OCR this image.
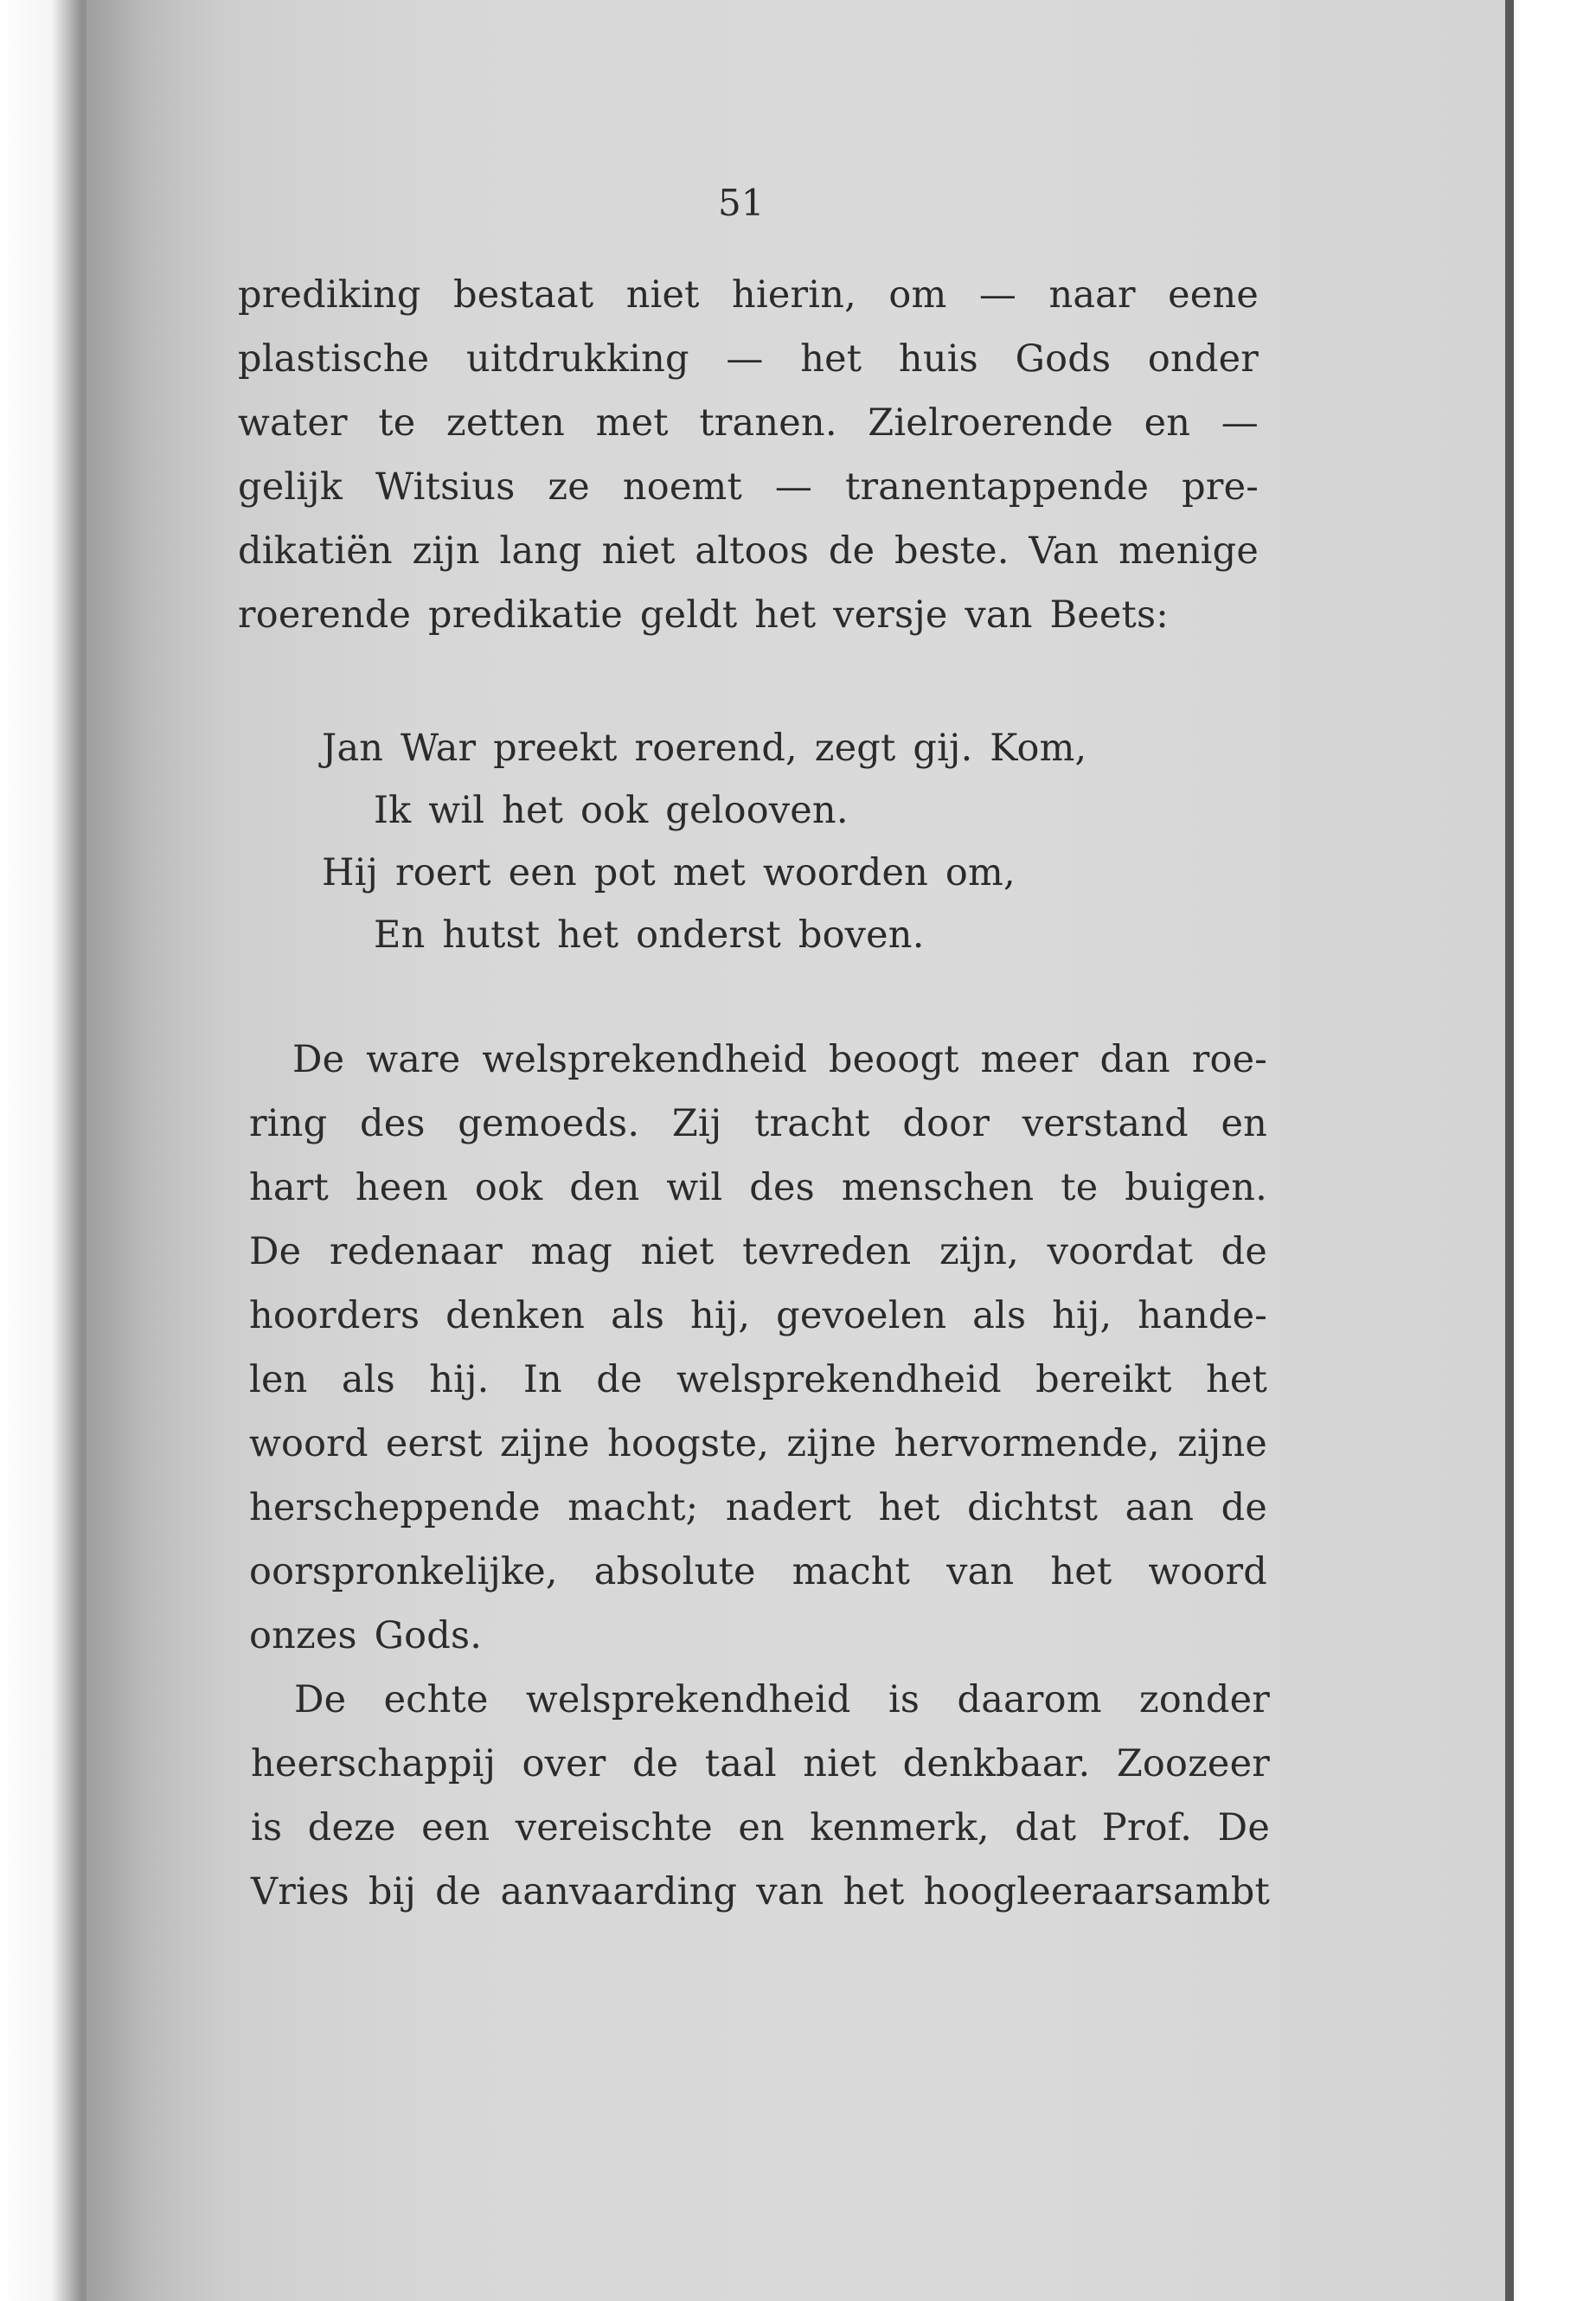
51
prediking bestaat niet hierin, om — naar eene
plastische uitdrukking — het huis Gods onder
water te zetten met tranen. Zielroerende en —
gelijk Witsius ze noemt — tranentappende pre-
dikatiën zijn lang niet altoos de beste. Van menige
roerende predikatie geldt het versje van Beets:
Jan War preekt roerend, zegt gij. Kom,
Ik wil het ook gelooven.
Hij roert een pot met woorden om,
En hutst het onderst boven.
De ware welsprekendheid beoogt meer dan roe-
ring des gemoeds. Zij tracht door verstand en
hart heen ook den wil des menschen te buigen.
De redenaar mag niet tevreden zijn, voordat de
hoorders denken als hij, gevoelen als hij, hande-
len als hij. In de welsprekendheid bereikt het
woord eerst zijne hoogste, zijne hervormende, zijne
herscheppende macht; nadert het dichtst aan de
oorspronkelijke, absolute macht van het woord
onzes Gods.
De echte welsprekendheid is daarom zonder
heerschappij over de taal niet denkbaar. Zoozeer
is deze een vereischte en kenmerk, dat Prof. De
Vries bij de aanvaarding van het hoogleeraarsambt
